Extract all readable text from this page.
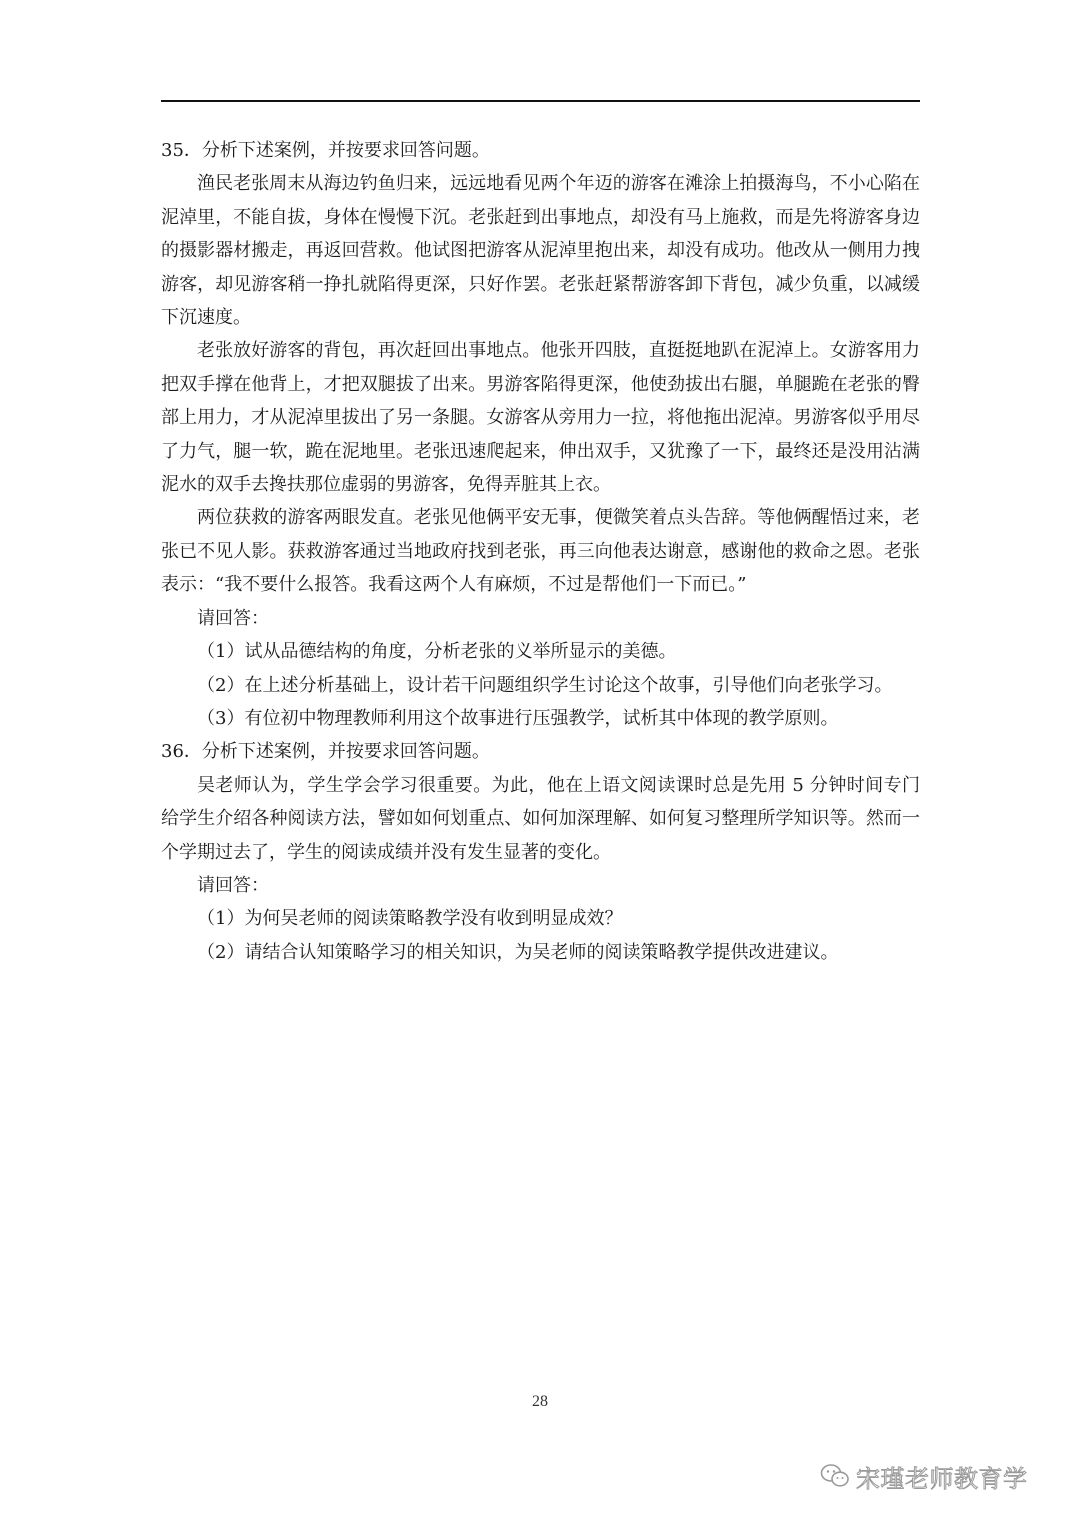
35．分析下述案例，并按要求回答问题。

渔民老张周末从海边钓鱼归来，远远地看见两个年迈的游客在滩涂上拍摄海鸟，不小心陷在泥淖里，不能自拔，身体在慢慢下沉。老张赶到出事地点，却没有马上施救，而是先将游客身边的摄影器材搬走，再返回营救。他试图把游客从泥淖里抱出来，却没有成功。他改从一侧用力拽游客，却见游客稍一挣扎就陷得更深，只好作罢。老张赶紧帮游客卸下背包，减少负重，以减缓下沉速度。

老张放好游客的背包，再次赶回出事地点。他张开四肢，直挺挺地趴在泥淖上。女游客用力把双手撑在他背上，才把双腿拔了出来。男游客陷得更深，他使劲拔出右腿，单腿跪在老张的臀部上用力，才从泥淖里拔出了另一条腿。女游客从旁用力一拉，将他拖出泥淖。男游客似乎用尽了力气，腿一软，跪在泥地里。老张迅速爬起来，伸出双手，又犹豫了一下，最终还是没用沾满泥水的双手去搀扶那位虚弱的男游客，免得弄脏其上衣。

两位获救的游客两眼发直。老张见他俩平安无事，便微笑着点头告辞。等他俩醒悟过来，老张已不见人影。获救游客通过当地政府找到老张，再三向他表达谢意，感谢他的救命之恩。老张表示：“我不要什么报答。我看这两个人有麻烦，不过是帮他们一下而已。”

请回答：

（1）试从品德结构的角度，分析老张的义举所显示的美德。

（2）在上述分析基础上，设计若干问题组织学生讨论这个故事，引导他们向老张学习。

（3）有位初中物理教师利用这个故事进行压强教学，试析其中体现的教学原则。

36．分析下述案例，并按要求回答问题。

吴老师认为，学生学会学习很重要。为此，他在上语文阅读课时总是先用 5 分钟时间专门给学生介绍各种阅读方法，譬如如何划重点、如何加深理解、如何复习整理所学知识等。然而一个学期过去了，学生的阅读成绩并没有发生显著的变化。

请回答：

（1）为何吴老师的阅读策略教学没有收到明显成效？

（2）请结合认知策略学习的相关知识，为吴老师的阅读策略教学提供改进建议。

28
宋瑾老师教育学
